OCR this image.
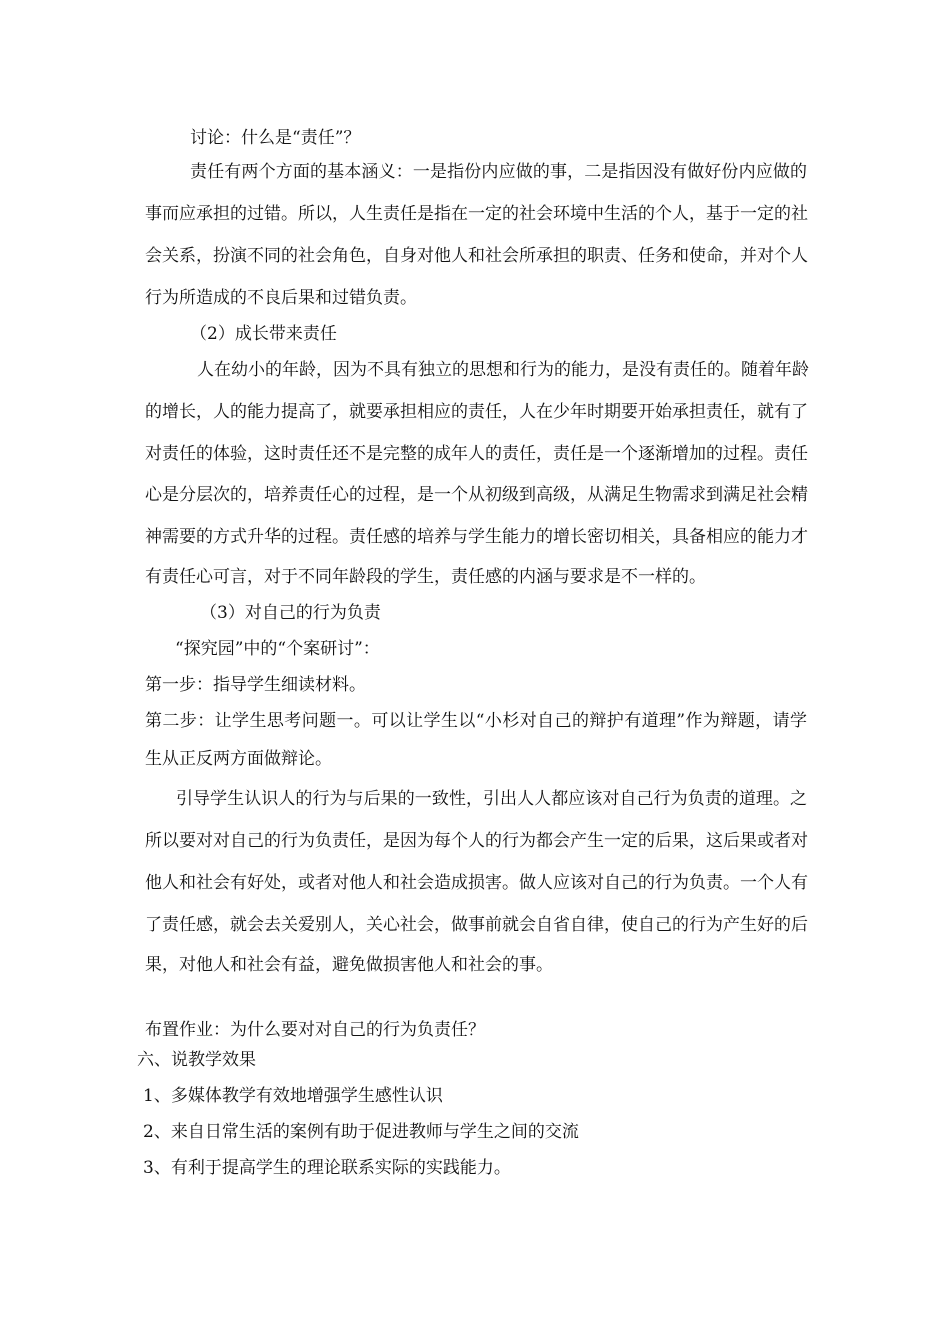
讨论：什么是“责任”？
责任有两个方面的基本涵义：一是指份内应做的事，二是指因没有做好份内应做的
事而应承担的过错。所以，人生责任是指在一定的社会环境中生活的个人，基于一定的社
会关系，扮演不同的社会角色，自身对他人和社会所承担的职责、任务和使命，并对个人
行为所造成的不良后果和过错负责。
（2）成长带来责任
人在幼小的年龄，因为不具有独立的思想和行为的能力，是没有责任的。随着年龄
的增长，人的能力提高了，就要承担相应的责任，人在少年时期要开始承担责任，就有了
对责任的体验，这时责任还不是完整的成年人的责任，责任是一个逐渐增加的过程。责任
心是分层次的，培养责任心的过程，是一个从初级到高级，从满足生物需求到满足社会精
神需要的方式升华的过程。责任感的培养与学生能力的增长密切相关，具备相应的能力才
有责任心可言，对于不同年龄段的学生，责任感的内涵与要求是不一样的。
（3）对自己的行为负责
“探究园”中的“个案研讨”：
第一步：指导学生细读材料。
第二步：让学生思考问题一。可以让学生以“小杉对自己的辩护有道理”作为辩题，请学
生从正反两方面做辩论。
引导学生认识人的行为与后果的一致性，引出人人都应该对自己行为负责的道理。之
所以要对对自己的行为负责任，是因为每个人的行为都会产生一定的后果，这后果或者对
他人和社会有好处，或者对他人和社会造成损害。做人应该对自己的行为负责。一个人有
了责任感，就会去关爱别人，关心社会，做事前就会自省自律，使自己的行为产生好的后
果，对他人和社会有益，避免做损害他人和社会的事。
布置作业：为什么要对对自己的行为负责任？
六、说教学效果
1、多媒体教学有效地增强学生感性认识
2、来自日常生活的案例有助于促进教师与学生之间的交流
3、有利于提高学生的理论联系实际的实践能力。
